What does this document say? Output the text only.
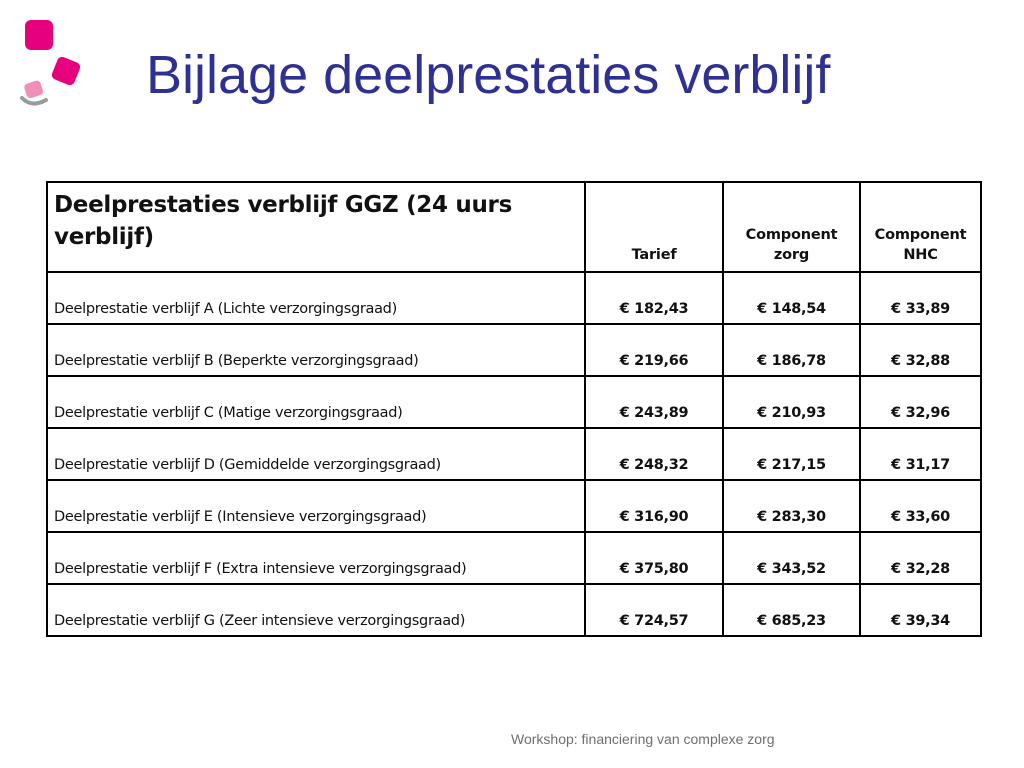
Bijlage deelprestaties verblijf
Deelprestaties verblijf GGZ (24 uurs verblijf)	Tarief	Component zorg	Component NHC
Deelprestatie verblijf A (Lichte verzorgingsgraad)	€ 182,43	€ 148,54	€ 33,89
Deelprestatie verblijf B (Beperkte verzorgingsgraad)	€ 219,66	€ 186,78	€ 32,88
Deelprestatie verblijf C (Matige verzorgingsgraad)	€ 243,89	€ 210,93	€ 32,96
Deelprestatie verblijf D (Gemiddelde verzorgingsgraad)	€ 248,32	€ 217,15	€ 31,17
Deelprestatie verblijf E (Intensieve verzorgingsgraad)	€ 316,90	€ 283,30	€ 33,60
Deelprestatie verblijf F (Extra intensieve verzorgingsgraad)	€ 375,80	€ 343,52	€ 32,28
Deelprestatie verblijf G (Zeer intensieve verzorgingsgraad)	€ 724,57	€ 685,23	€ 39,34
Workshop: financiering van complexe zorg
